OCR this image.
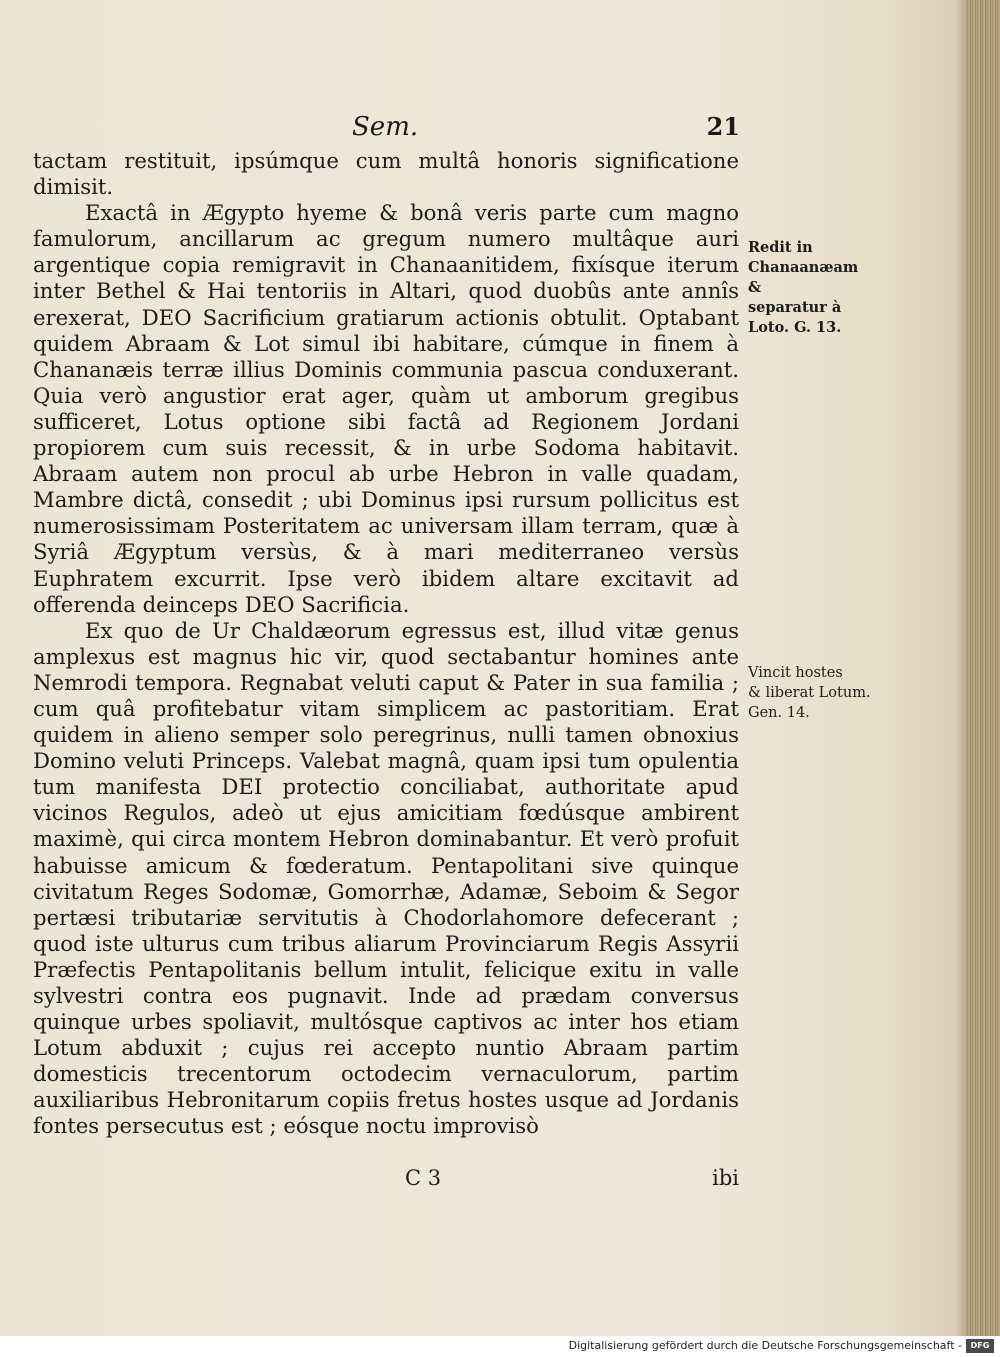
Sem.	21

tactam restituit, ipsúmque cum multâ honoris significatione dimisit.

Exactâ in Ægypto hyeme & bonâ veris parte cum magno famulorum, ancillarum ac gregum numero multâque auri argentique copia remigravit in Chanaanitidem, fixísque iterum inter Bethel & Hai tentoriis in Altari, quod duobûs ante annîs erexerat, DEO Sacrificium gratiarum actionis obtulit. Optabant quidem Abraam & Lot simul ibi habitare, cúmque in finem à Chananæis terræ illius Dominis communia pascua conduxerant. Quia verò angustior erat ager, quàm ut amborum gregibus sufficeret, Lotus optione sibi factâ ad Regionem Jordani propiorem cum suis recessit, & in urbe Sodoma habitavit. Abraam autem non procul ab urbe Hebron in valle quadam, Mambre dictâ, consedit ; ubi Dominus ipsi rursum pollicitus est numerosissimam Posteritatem ac universam illam terram, quæ à Syriâ Ægyptum versùs, & à mari mediterraneo versùs Euphratem excurrit. Ipse verò ibidem altare excitavit ad offerenda deinceps DEO Sacrificia.

Ex quo de Ur Chaldæorum egressus est, illud vitæ genus amplexus est magnus hic vir, quod sectabantur homines ante Nemrodi tempora. Regnabat veluti caput & Pater in sua familia ; cum quâ profitebatur vitam simplicem ac pastoritiam. Erat quidem in alieno semper solo peregrinus, nulli tamen obnoxius Domino veluti Princeps. Valebat magnâ, quam ipsi tum opulentia tum manifesta DEI protectio conciliabat, authoritate apud vicinos Regulos, adeò ut ejus amicitiam fœdúsque ambirent maximè, qui circa montem Hebron dominabantur. Et verò profuit habuisse amicum & fœderatum. Pentapolitani sive quinque civitatum Reges Sodomæ, Gomorrhæ, Adamæ, Seboim & Segor pertæsi tributariæ servitutis à Chodorlahomore defecerant ; quod iste ulturus cum tribus aliarum Provinciarum Regis Assyrii Præfectis Pentapolitanis bellum intulit, felicique exitu in valle sylvestri contra eos pugnavit. Inde ad prædam conversus quinque urbes spoliavit, multósque captivos ac inter hos etiam Lotum abduxit ; cujus rei accepto nuntio Abraam partim domesticis trecentorum octodecim vernaculorum, partim auxiliaribus Hebronitarum copiis fretus hostes usque ad Jordanis fontes persecutus est ; eósque noctu improvisò

Redit in Chanaanæam &
separatur à
Loto. G. 13.
Vincit hostes
& liberat Lotum. Gen. 14.
C 3	ibi
Digitalisierung gefördert durch die Deutsche Forschungsgemeinschaft -	DFG
